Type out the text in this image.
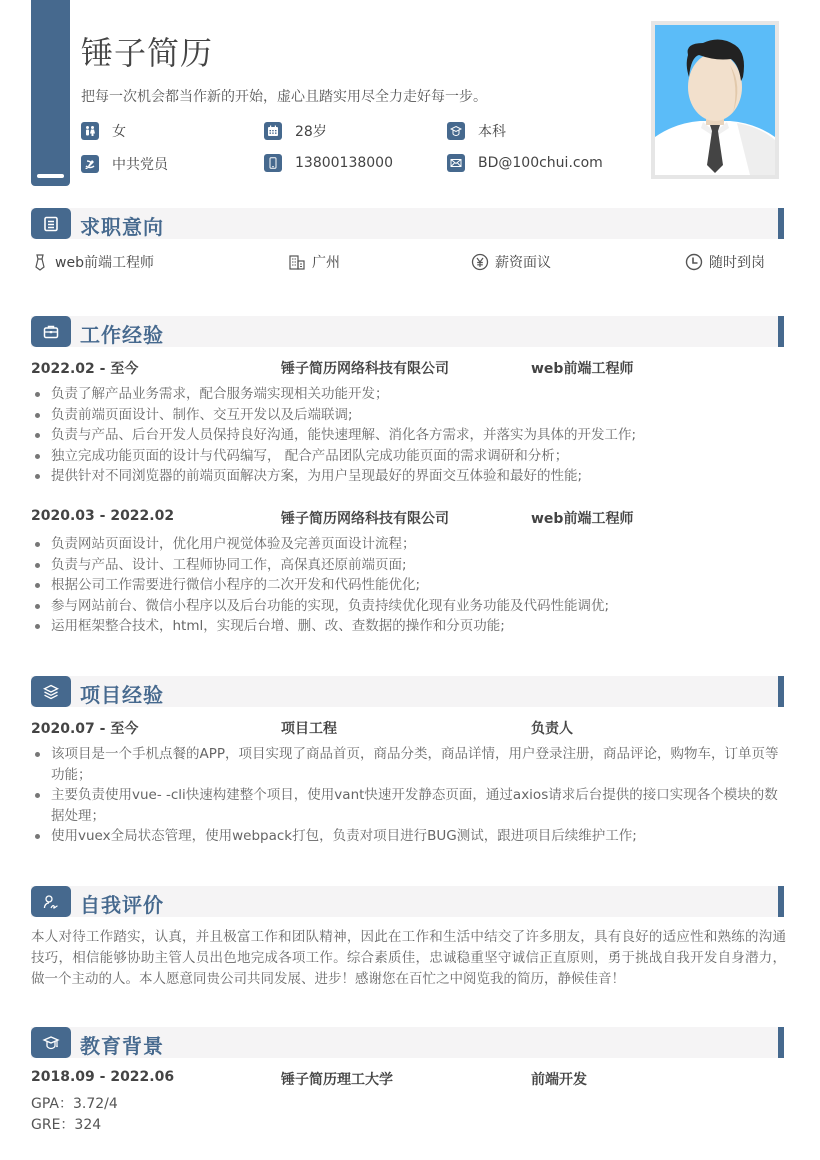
锤子简历

把每一次机会都当作新的开始，虚心且踏实用尽全力走好每一步。

女	28岁	本科
中共党员	13800138000	BD@100chui.com
求职意向
web前端工程师	广州	薪资面议	随时到岗
工作经验
2022.02 - 至今	锤子简历网络科技有限公司	web前端工程师
负责了解产品业务需求，配合服务端实现相关功能开发；
负责前端页面设计、制作、交互开发以及后端联调;
负责与产品、后台开发人员保持良好沟通，能快速理解、消化各方需求，并落实为具体的开发工作;
独立完成功能页面的设计与代码编写， 配合产品团队完成功能页面的需求调研和分析；
提供针对不同浏览器的前端页面解决方案，为用户呈现最好的界面交互体验和最好的性能;
2020.03 - 2022.02	锤子简历网络科技有限公司	web前端工程师
负责网站页面设计，优化用户视觉体验及完善页面设计流程；
负责与产品、设计、工程师协同工作，高保真还原前端页面;
根据公司工作需要进行微信小程序的二次开发和代码性能优化;
参与网站前台、微信小程序以及后台功能的实现，负责持续优化现有业务功能及代码性能调优;
运用框架整合技术，html，实现后台增、删、改、查数据的操作和分页功能;
项目经验
2020.07 - 至今	项目工程	负责人
该项目是一个手机点餐的APP，项目实现了商品首页，商品分类，商品详情，用户登录注册，商品评论，购物车，订单页等功能；
主要负责使用vue- -cli快速构建整个项目，使用vant快速开发静态页面，通过axios请求后台提供的接口实现各个模块的数据处理；
使用vuex全局状态管理，使用webpack打包，负责对项目进行BUG测试，跟进项目后续维护工作;
自我评价

本人对待工作踏实，认真，并且极富工作和团队精神，因此在工作和生活中结交了许多朋友，具有良好的适应性和熟练的沟通技巧，相信能够协助主管人员出色地完成各项工作。综合素质佳，忠诚稳重坚守诚信正直原则，勇于挑战自我开发自身潜力，做一个主动的人。本人愿意同贵公司共同发展、进步！感谢您在百忙之中阅览我的简历，静候佳音！

教育背景
2018.09 - 2022.06	锤子简历理工大学	前端开发
GPA：3.72/4
GRE：324
